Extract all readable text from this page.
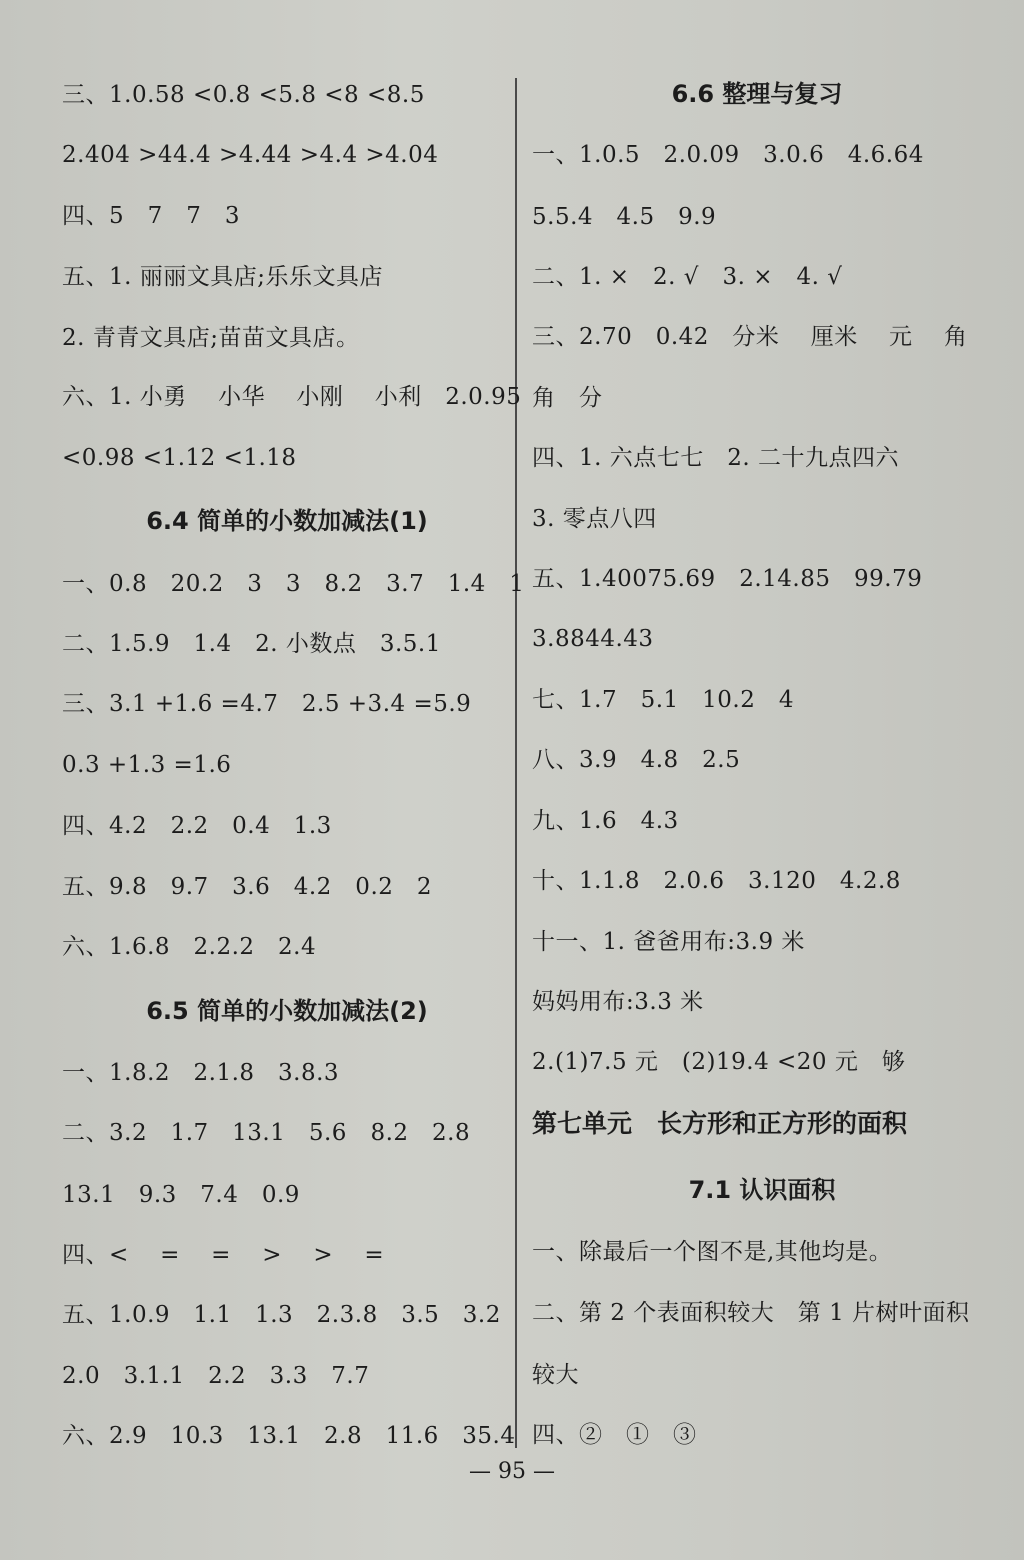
三、1.0.58 <0.8 <5.8 <8 <8.5
2.404 >44.4 >4.44 >4.4 >4.04
四、5　7　7　3
五、1. 丽丽文具店;乐乐文具店
2. 青青文具店;苗苗文具店。
六、1. 小勇　 小华　 小刚　 小利　2.0.95
<0.98 <1.12 <1.18
6.4 简单的小数加减法(1)
一、0.8　20.2　3　3　8.2　3.7　1.4　1
二、1.5.9　1.4　2. 小数点　3.5.1
三、3.1 +1.6 =4.7　2.5 +3.4 =5.9
0.3 +1.3 =1.6
四、4.2　2.2　0.4　1.3
五、9.8　9.7　3.6　4.2　0.2　2
六、1.6.8　2.2.2　2.4
6.5 简单的小数加减法(2)
一、1.8.2　2.1.8　3.8.3
二、3.2　1.7　13.1　5.6　8.2　2.8
13.1　9.3　7.4　0.9
四、<　 =　 =　 >　 >　 =
五、1.0.9　1.1　1.3　2.3.8　3.5　3.2
2.0　3.1.1　2.2　3.3　7.7
六、2.9　10.3　13.1　2.8　11.6　35.4
6.6 整理与复习
一、1.0.5　2.0.09　3.0.6　4.6.64
5.5.4　4.5　9.9
二、1. ×　2. √　3. ×　4. √
三、2.70　0.42　分米　 厘米　 元　 角
角　分
四、1. 六点七七　2. 二十九点四六
3. 零点八四
五、1.40075.69　2.14.85　99.79
3.8844.43
七、1.7　5.1　10.2　4
八、3.9　4.8　2.5
九、1.6　4.3
十、1.1.8　2.0.6　3.120　4.2.8
十一、1. 爸爸用布:3.9 米
妈妈用布:3.3 米
2.(1)7.5 元　(2)19.4 <20 元　够
第七单元　长方形和正方形的面积
7.1 认识面积
一、除最后一个图不是,其他均是。
二、第 2 个表面积较大　第 1 片树叶面积
较大
四、②　①　③
— 95 —
